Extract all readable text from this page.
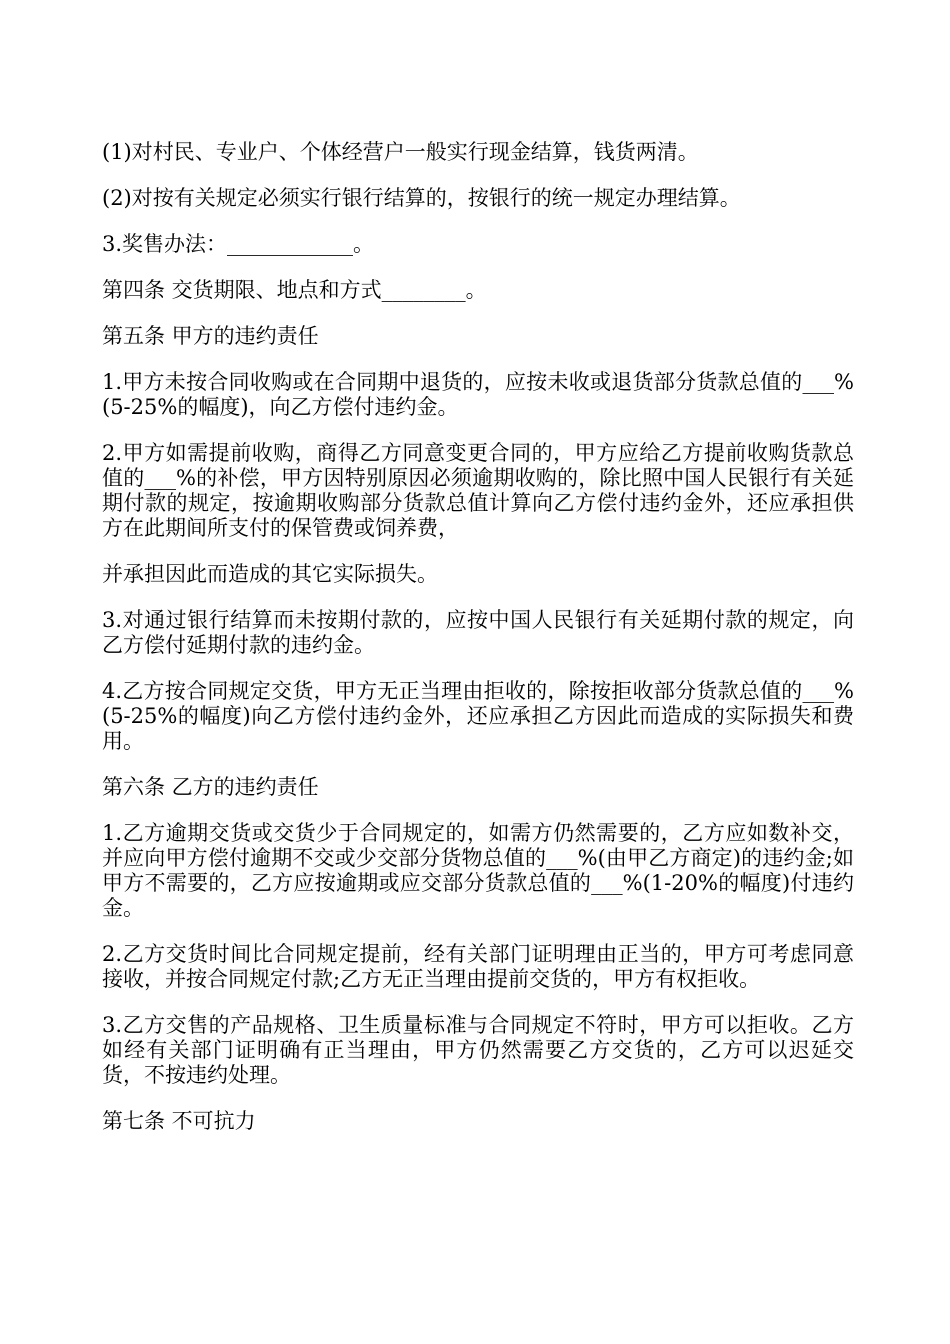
(1)对村民、专业户、个体经营户一般实行现金结算，钱货两清。

(2)对按有关规定必须实行银行结算的，按银行的统一规定办理结算。

3.奖售办法：____________。

第四条 交货期限、地点和方式________。

第五条 甲方的违约责任

1.甲方未按合同收购或在合同期中退货的，应按未收或退货部分货款总值的___%(5-25%的幅度)，向乙方偿付违约金。

2.甲方如需提前收购，商得乙方同意变更合同的，甲方应给乙方提前收购货款总值的___%的补偿，甲方因特别原因必须逾期收购的，除比照中国人民银行有关延期付款的规定，按逾期收购部分货款总值计算向乙方偿付违约金外，还应承担供方在此期间所支付的保管费或饲养费，

并承担因此而造成的其它实际损失。

3.对通过银行结算而未按期付款的，应按中国人民银行有关延期付款的规定，向乙方偿付延期付款的违约金。

4.乙方按合同规定交货，甲方无正当理由拒收的，除按拒收部分货款总值的___%(5-25%的幅度)向乙方偿付违约金外，还应承担乙方因此而造成的实际损失和费用。

第六条 乙方的违约责任

1.乙方逾期交货或交货少于合同规定的，如需方仍然需要的，乙方应如数补交，并应向甲方偿付逾期不交或少交部分货物总值的___%(由甲乙方商定)的违约金;如甲方不需要的，乙方应按逾期或应交部分货款总值的___%(1-20%的幅度)付违约金。

2.乙方交货时间比合同规定提前，经有关部门证明理由正当的，甲方可考虑同意接收，并按合同规定付款;乙方无正当理由提前交货的，甲方有权拒收。

3.乙方交售的产品规格、卫生质量标准与合同规定不符时，甲方可以拒收。乙方如经有关部门证明确有正当理由，甲方仍然需要乙方交货的，乙方可以迟延交货，不按违约处理。

第七条 不可抗力
